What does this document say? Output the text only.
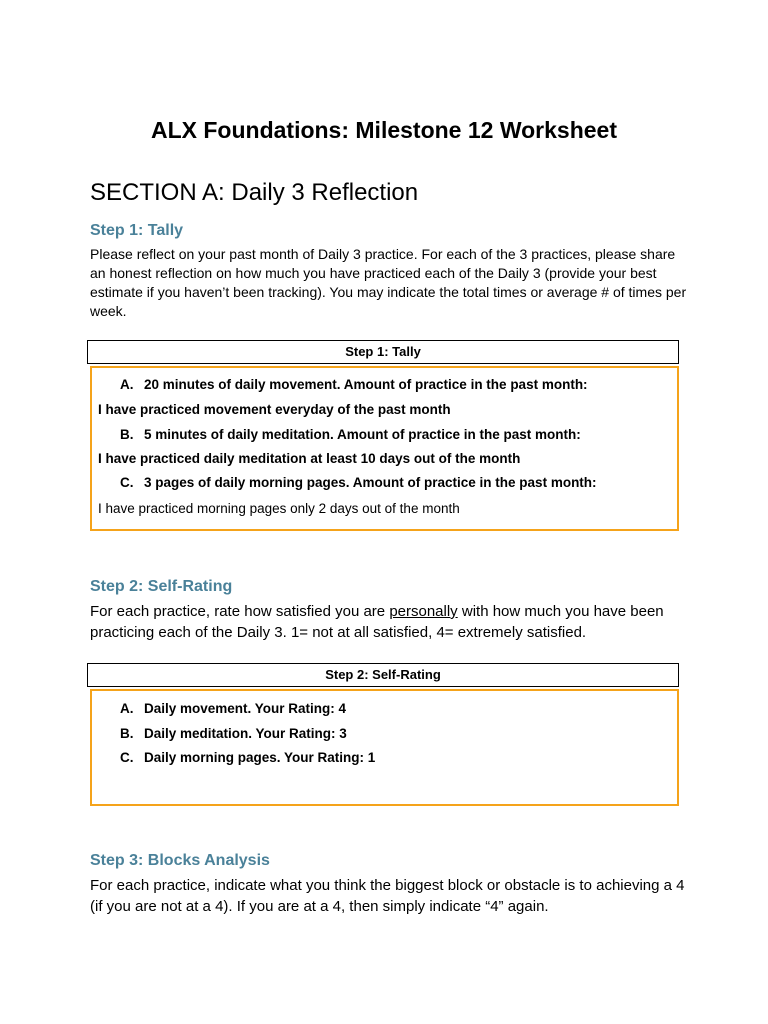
ALX Foundations: Milestone 12 Worksheet
SECTION A: Daily 3 Reflection
Step 1: Tally

Please reflect on your past month of Daily 3 practice. For each of the 3 practices, please share an honest reflection on how much you have practiced each of the Daily 3 (provide your best estimate if you haven’t been tracking). You may indicate the total times or average # of times per week.

Step 1: Tally
A. 20 minutes of daily movement. Amount of practice in the past month:
I have practiced movement everyday of the past month
B. 5 minutes of daily meditation. Amount of practice in the past month:
I have practiced daily meditation at least 10 days out of the month
C. 3 pages of daily morning pages. Amount of practice in the past month:
I have practiced morning pages only 2 days out of the month
Step 2: Self-Rating

For each practice, rate how satisfied you are personally with how much you have been practicing each of the Daily 3. 1= not at all satisfied, 4= extremely satisfied.

Step 2: Self-Rating
A. Daily movement. Your Rating: 4
B. Daily meditation. Your Rating: 3
C. Daily morning pages. Your Rating: 1
Step 3: Blocks Analysis

For each practice, indicate what you think the biggest block or obstacle is to achieving a 4 (if you are not at a 4). If you are at a 4, then simply indicate “4” again.
